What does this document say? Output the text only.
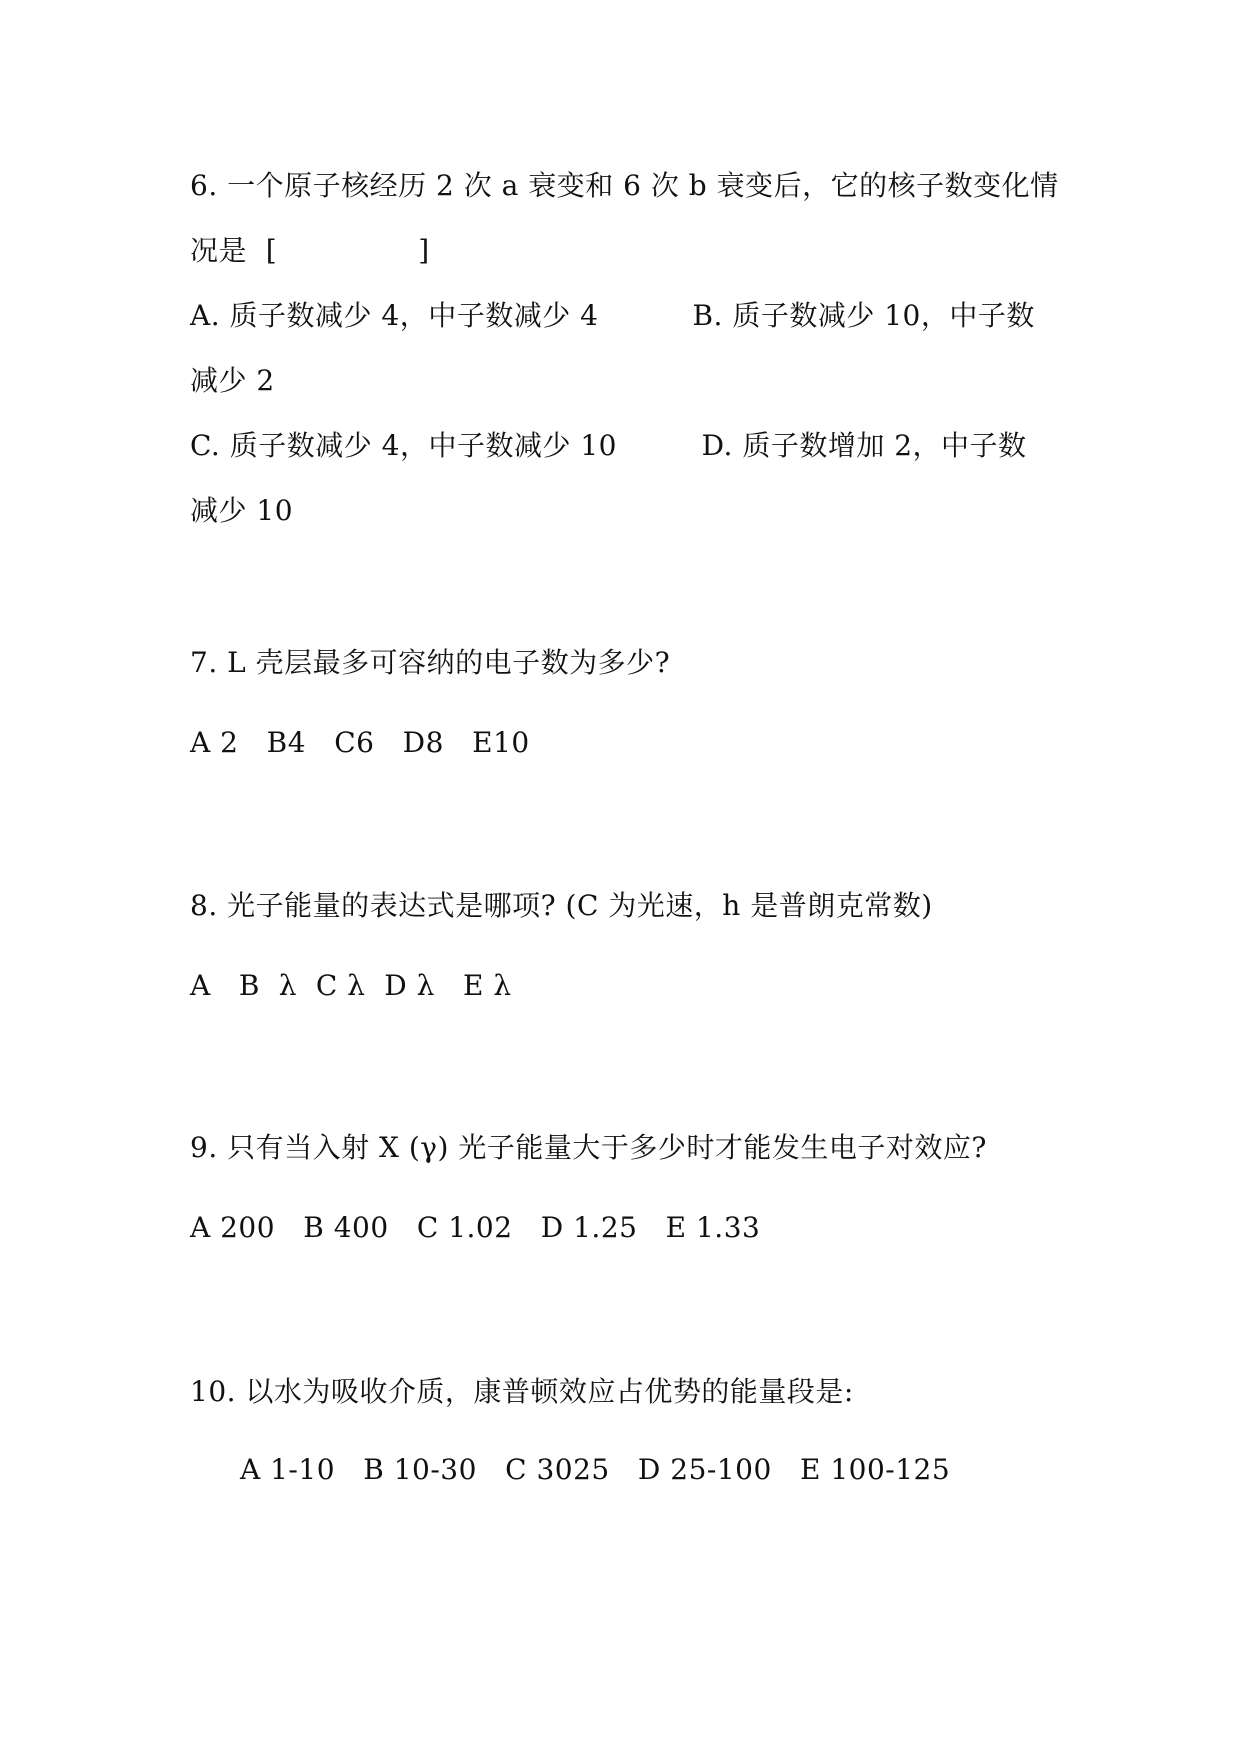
6. 一个原子核经历 2 次 a 衰变和 6 次 b 衰变后，它的核子数变化情
况是  [               ]
A. 质子数减少 4，中子数减少 4          B. 质子数减少 10，中子数
减少 2
C. 质子数减少 4，中子数减少 10         D. 质子数增加 2，中子数
减少 10
7. L 壳层最多可容纳的电子数为多少?
A 2   B4   C6   D8   E10
8. 光子能量的表达式是哪项? (C 为光速，h 是普朗克常数)
A   B  λ  C λ  D λ   E λ
9. 只有当入射 X (γ) 光子能量大于多少时才能发生电子对效应?
A 200   B 400   C 1.02   D 1.25   E 1.33
10. 以水为吸收介质，康普顿效应占优势的能量段是:
A 1-10   B 10-30   C 3025   D 25-100   E 100-125
